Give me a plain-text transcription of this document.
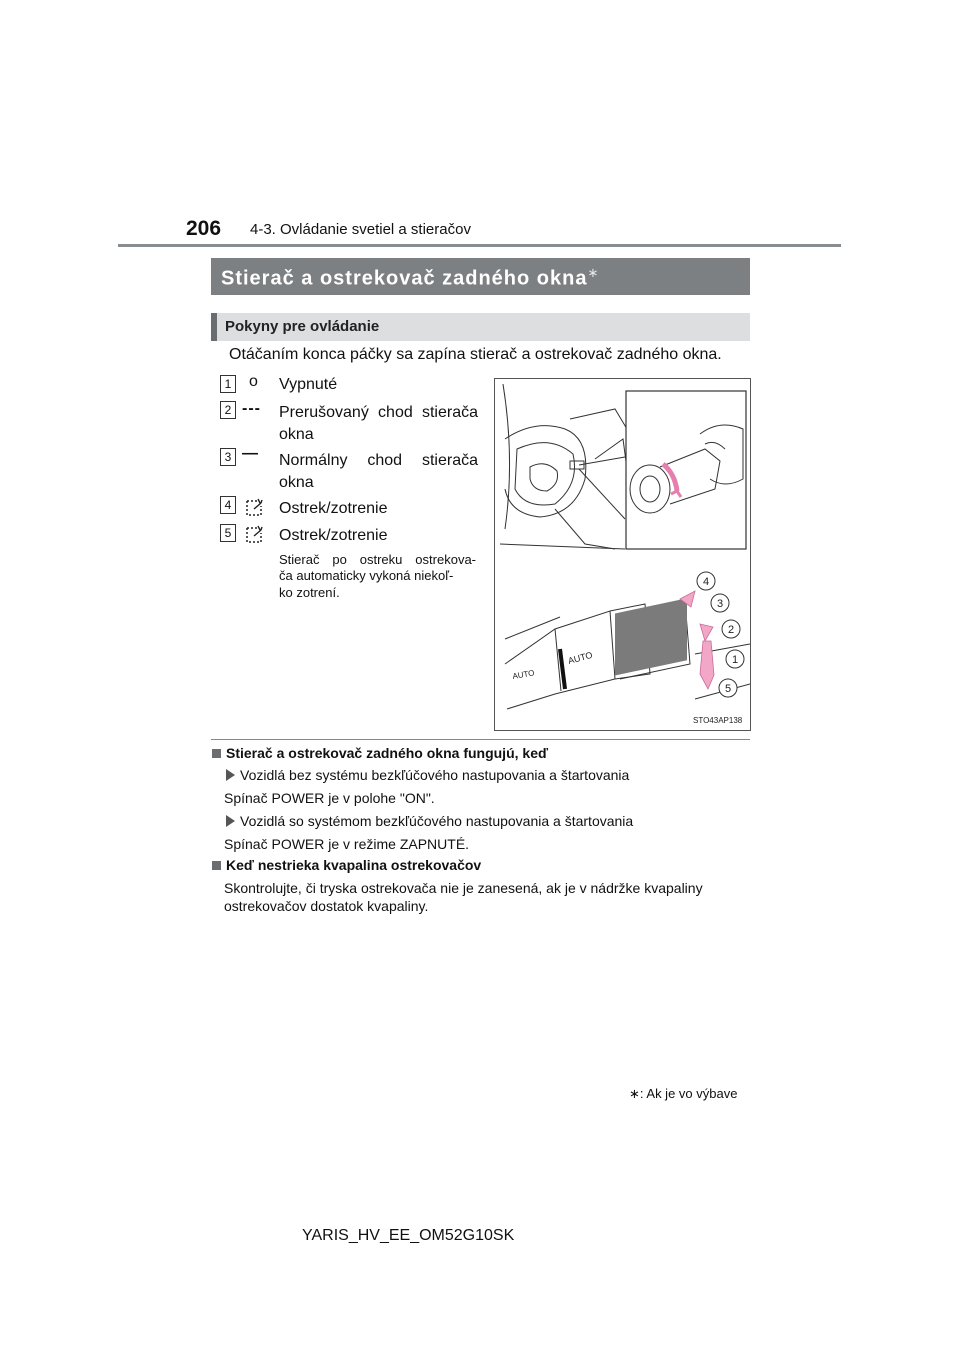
206 4-3. Ovládanie svetiel a stieračov
Stierač a ostrekovač zadného okna∗
Pokyny pre ovládanie
Otáčaním konca páčky sa zapína stierač a ostrekovač zadného okna.
1 o Vypnuté
2 --- Prerušovaný chod stierača
okna
3 — Normálny chod stierača
okna
4	Ostrek/zotrenie
5	Ostrek/zotrenie
Stierač po ostreku ostrekova-
ča automaticky vykoná niekoľ-
ko zotrení.
AUTO
AUTO
4
3
2
1
5
STO43AP138
Stierač a ostrekovač zadného okna fungujú, keď
Vozidlá bez systému bezkľúčového nastupovania a štartovania
Spínač POWER je v polohe "ON".
Vozidlá so systémom bezkľúčového nastupovania a štartovania
Spínač POWER je v režime ZAPNUTÉ.
Keď nestrieka kvapalina ostrekovačov
Skontrolujte, či tryska ostrekovača nie je zanesená, ak je v nádržke kvapaliny
ostrekovačov dostatok kvapaliny.
∗: Ak je vo výbave
YARIS_HV_EE_OM52G10SK
